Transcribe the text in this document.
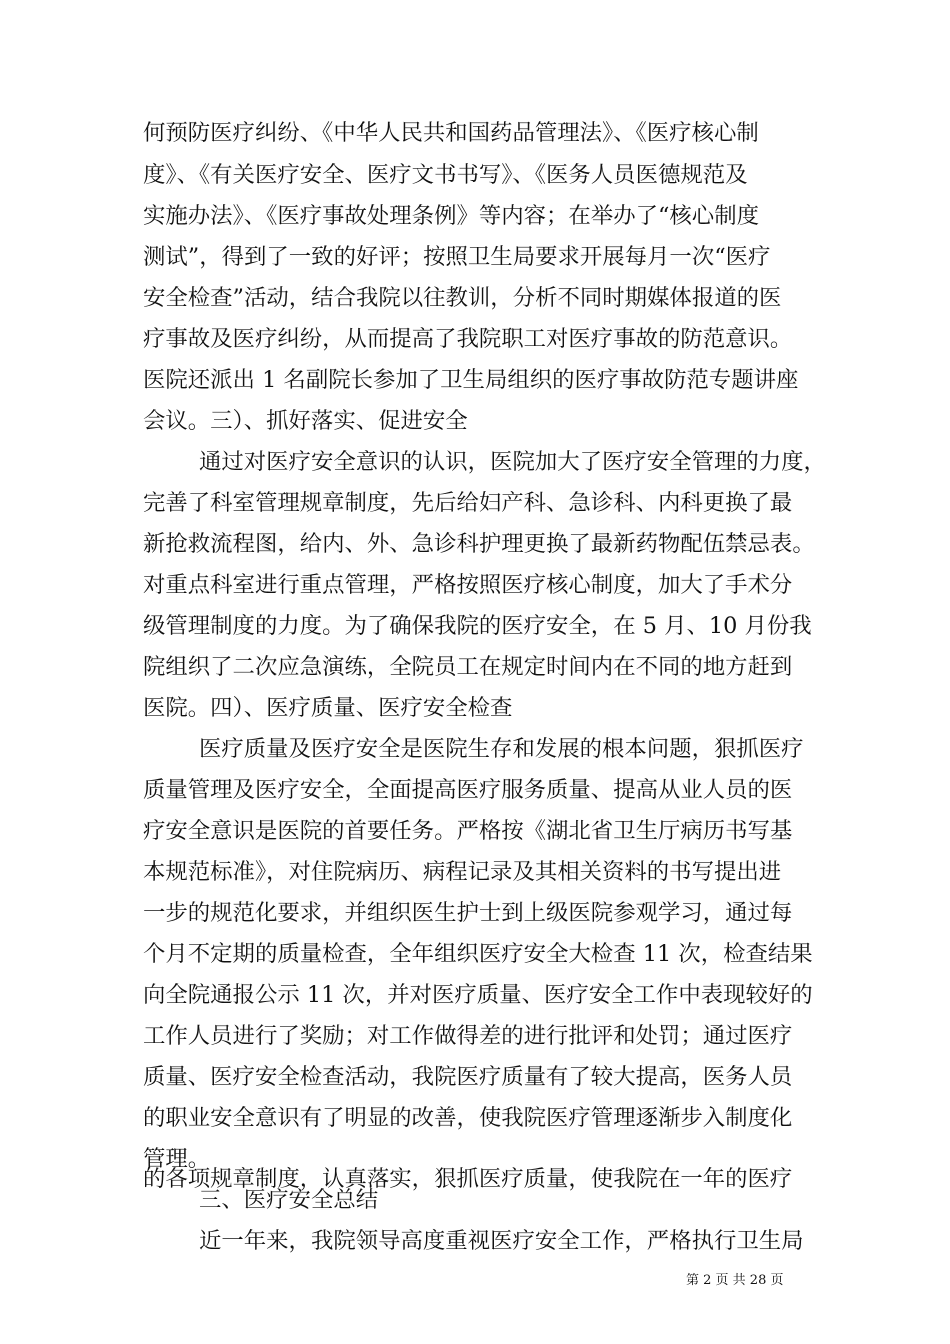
何预防医疗纠纷、《中华人民共和国药品管理法》、《医疗核心制
度》、《有关医疗安全、医疗文书书写》、《医务人员医德规范及
实施办法》、《医疗事故处理条例》等内容；在举办了“核心制度
测试”，得到了一致的好评；按照卫生局要求开展每月一次“医疗
安全检查”活动，结合我院以往教训，分析不同时期媒体报道的医
疗事故及医疗纠纷，从而提高了我院职工对医疗事故的防范意识。
医院还派出 1 名副院长参加了卫生局组织的医疗事故防范专题讲座
会议。三）、抓好落实、促进安全
通过对医疗安全意识的认识，医院加大了医疗安全管理的力度，
完善了科室管理规章制度，先后给妇产科、急诊科、内科更换了最
新抢救流程图，给内、外、急诊科护理更换了最新药物配伍禁忌表。
对重点科室进行重点管理，严格按照医疗核心制度，加大了手术分
级管理制度的力度。为了确保我院的医疗安全，在 5 月、10 月份我
院组织了二次应急演练，全院员工在规定时间内在不同的地方赶到
医院。四）、医疗质量、医疗安全检查
医疗质量及医疗安全是医院生存和发展的根本问题，狠抓医疗
质量管理及医疗安全，全面提高医疗服务质量、提高从业人员的医
疗安全意识是医院的首要任务。严格按《湖北省卫生厅病历书写基
本规范标准》，对住院病历、病程记录及其相关资料的书写提出进
一步的规范化要求，并组织医生护士到上级医院参观学习，通过每
个月不定期的质量检查，全年组织医疗安全大检查 11 次，检查结果
向全院通报公示 11 次，并对医疗质量、医疗安全工作中表现较好的
工作人员进行了奖励；对工作做得差的进行批评和处罚；通过医疗
质量、医疗安全检查活动，我院医疗质量有了较大提高，医务人员
的职业安全意识有了明显的改善，使我院医疗管理逐渐步入制度化
管理。
三、医疗安全总结
近一年来，我院领导高度重视医疗安全工作，严格执行卫生局
的各项规章制度，认真落实，狠抓医疗质量，使我院在一年的医疗
第 2 页 共 28 页
